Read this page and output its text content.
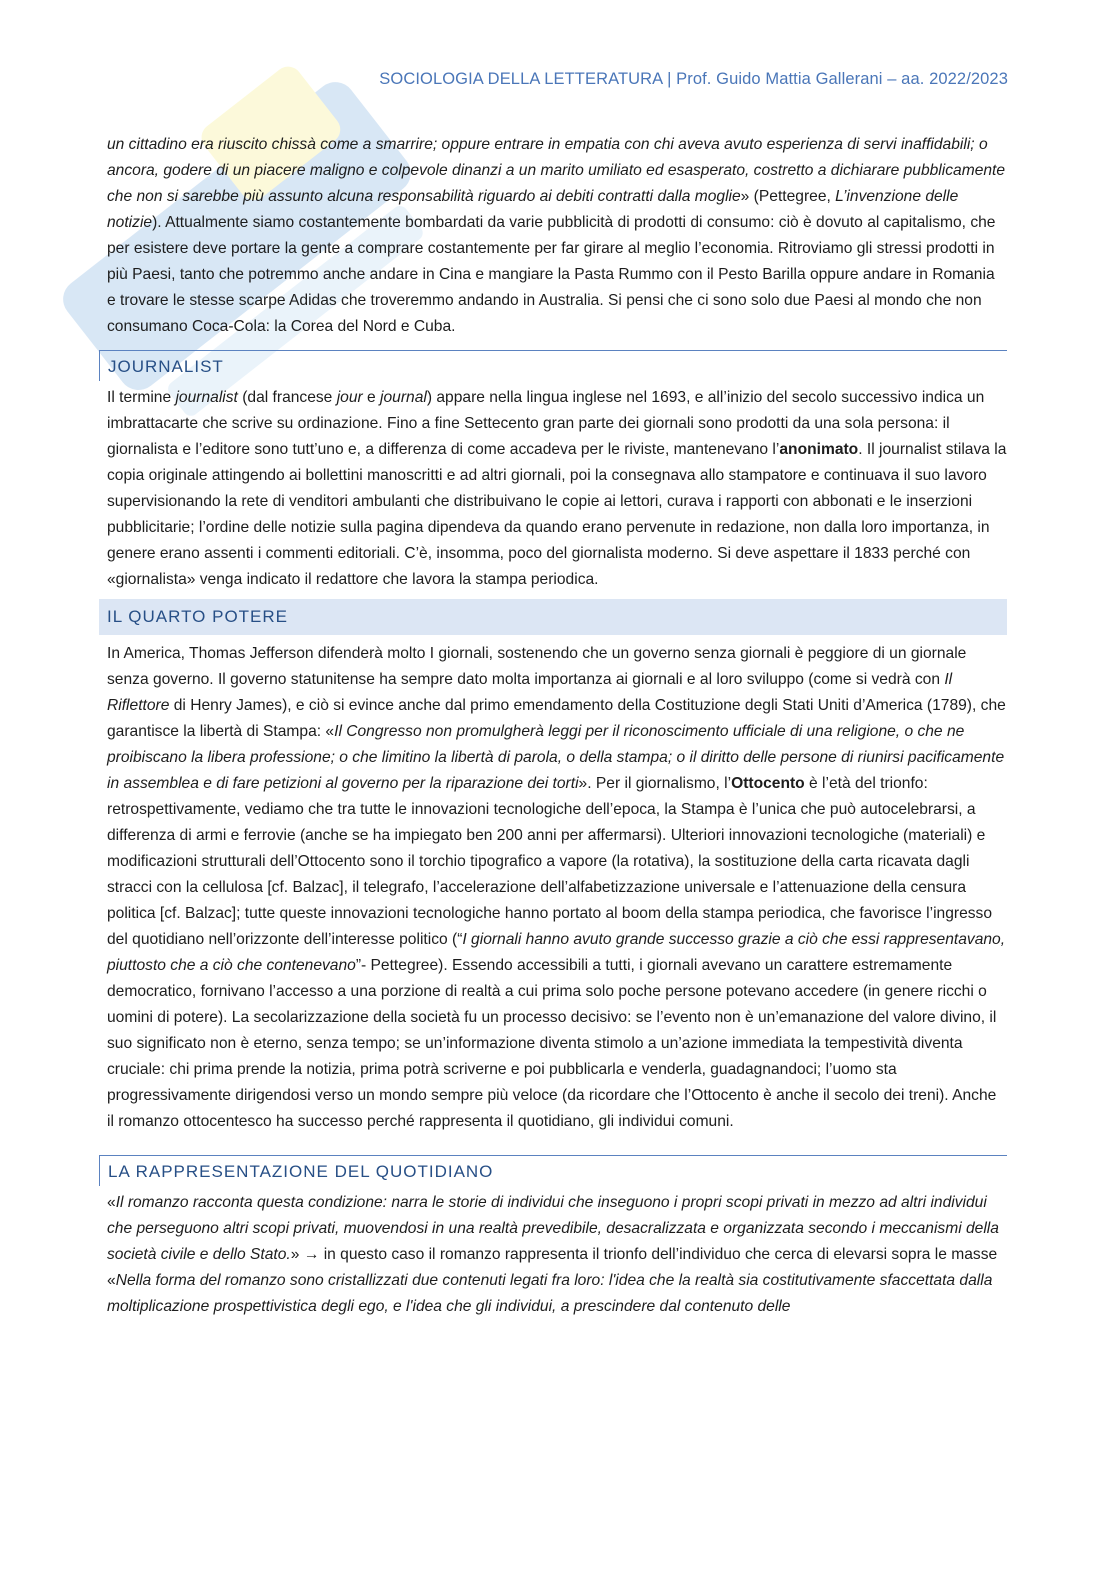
SOCIOLOGIA DELLA LETTERATURA | Prof. Guido Mattia Gallerani – aa. 2022/2023

un cittadino era riuscito chissà come a smarrire; oppure entrare in empatia con chi aveva avuto esperienza di servi inaffidabili; o ancora, godere di un piacere maligno e colpevole dinanzi a un marito umiliato ed esasperato, costretto a dichiarare pubblicamente che non si sarebbe più assunto alcuna responsabilità riguardo ai debiti contratti dalla moglie» (Pettegree, L’invenzione delle notizie). Attualmente siamo costantemente bombardati da varie pubblicità di prodotti di consumo: ciò è dovuto al capitalismo, che per esistere deve portare la gente a comprare costantemente per far girare al meglio l’economia. Ritroviamo gli stressi prodotti in più Paesi, tanto che potremmo anche andare in Cina e mangiare la Pasta Rummo con il Pesto Barilla oppure andare in Romania e trovare le stesse scarpe Adidas che troveremmo andando in Australia. Si pensi che ci sono solo due Paesi al mondo che non consumano Coca-Cola: la Corea del Nord e Cuba.

JOURNALIST

Il termine journalist (dal francese jour e journal) appare nella lingua inglese nel 1693, e all’inizio del secolo successivo indica un imbrattacarte che scrive su ordinazione. Fino a fine Settecento gran parte dei giornali sono prodotti da una sola persona: il giornalista e l’editore sono tutt’uno e, a differenza di come accadeva per le riviste, mantenevano l’anonimato. Il journalist stilava la copia originale attingendo ai bollettini manoscritti e ad altri giornali, poi la consegnava allo stampatore e continuava il suo lavoro supervisionando la rete di venditori ambulanti che distribuivano le copie ai lettori, curava i rapporti con abbonati e le inserzioni pubblicitarie; l’ordine delle notizie sulla pagina dipendeva da quando erano pervenute in redazione, non dalla loro importanza, in genere erano assenti i commenti editoriali. C’è, insomma, poco del giornalista moderno. Si deve aspettare il 1833 perché con «giornalista» venga indicato il redattore che lavora la stampa periodica.

IL QUARTO POTERE

In America, Thomas Jefferson difenderà molto I giornali, sostenendo che un governo senza giornali è peggiore di un giornale senza governo. Il governo statunitense ha sempre dato molta importanza ai giornali e al loro sviluppo (come si vedrà con Il Riflettore di Henry James), e ciò si evince anche dal primo emendamento della Costituzione degli Stati Uniti d’America (1789), che garantisce la libertà di Stampa: «Il Congresso non promulgherà leggi per il riconoscimento ufficiale di una religione, o che ne proibiscano la libera professione; o che limitino la libertà di parola, o della stampa; o il diritto delle persone di riunirsi pacificamente in assemblea e di fare petizioni al governo per la riparazione dei torti». Per il giornalismo, l’Ottocento è l’età del trionfo: retrospettivamente, vediamo che tra tutte le innovazioni tecnologiche dell’epoca, la Stampa è l’unica che può autocelebrarsi, a differenza di armi e ferrovie (anche se ha impiegato ben 200 anni per affermarsi). Ulteriori innovazioni tecnologiche (materiali) e modificazioni strutturali dell’Ottocento sono il torchio tipografico a vapore (la rotativa), la sostituzione della carta ricavata dagli stracci con la cellulosa [cf. Balzac], il telegrafo, l’accelerazione dell’alfabetizzazione universale e l’attenuazione della censura politica [cf. Balzac]; tutte queste innovazioni tecnologiche hanno portato al boom della stampa periodica, che favorisce l’ingresso del quotidiano nell’orizzonte dell’interesse politico (“I giornali hanno avuto grande successo grazie a ciò che essi rappresentavano, piuttosto che a ciò che contenevano”- Pettegree). Essendo accessibili a tutti, i giornali avevano un carattere estremamente democratico, fornivano l’accesso a una porzione di realtà a cui prima solo poche persone potevano accedere (in genere ricchi o uomini di potere). La secolarizzazione della società fu un processo decisivo: se l’evento non è un’emanazione del valore divino, il suo significato non è eterno, senza tempo; se un’informazione diventa stimolo a un’azione immediata la tempestività diventa cruciale: chi prima prende la notizia, prima potrà scriverne e poi pubblicarla e venderla, guadagnandoci; l’uomo sta progressivamente dirigendosi verso un mondo sempre più veloce (da ricordare che l’Ottocento è anche il secolo dei treni). Anche il romanzo ottocentesco ha successo perché rappresenta il quotidiano, gli individui comuni.

LA RAPPRESENTAZIONE DEL QUOTIDIANO

«Il romanzo racconta questa condizione: narra le storie di individui che inseguono i propri scopi privati in mezzo ad altri individui che perseguono altri scopi privati, muovendosi in una realtà prevedibile, desacralizzata e organizzata secondo i meccanismi della società civile e dello Stato.» → in questo caso il romanzo rappresenta il trionfo dell’individuo che cerca di elevarsi sopra le masse

«Nella forma del romanzo sono cristallizzati due contenuti legati fra loro: l'idea che la realtà sia costitutivamente sfaccettata dalla moltiplicazione prospettivistica degli ego, e l'idea che gli individui, a prescindere dal contenuto delle
